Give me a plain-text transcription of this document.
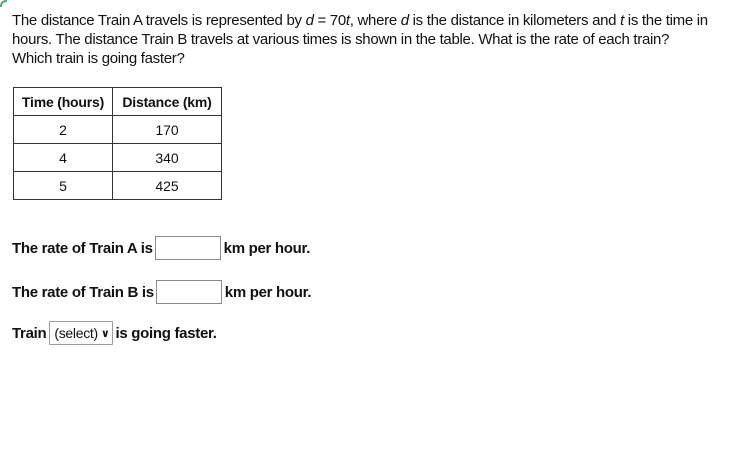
The distance Train A travels is represented by d = 70t, where d is the distance in kilometers and t is the time in hours. The distance Train B travels at various times is shown in the table. What is the rate of each train? Which train is going faster?
Time (hours)	Distance (km)
2	170
4	340
5	425
The rate of Train A is	km per hour.
The rate of Train B is	km per hour.
Train (select) ∨ is going faster.
